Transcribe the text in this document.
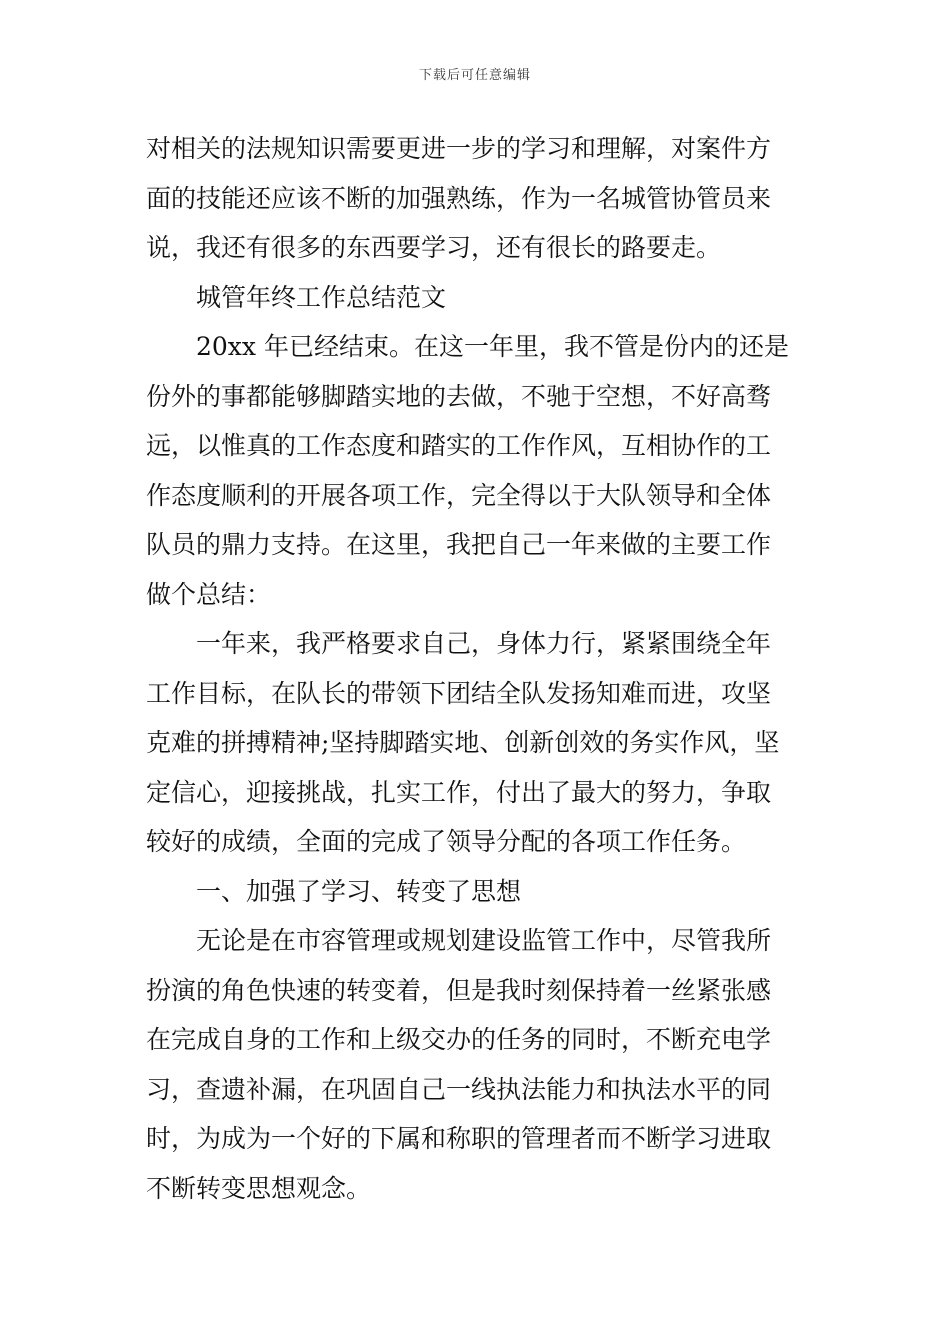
下载后可任意编辑
对相关的法规知识需要更进一步的学习和理解，对案件方
面的技能还应该不断的加强熟练，作为一名城管协管员来
说，我还有很多的东西要学习，还有很长的路要走。
城管年终工作总结范文
20xx 年已经结束。在这一年里，我不管是份内的还是
份外的事都能够脚踏实地的去做，不驰于空想，不好高骛
远，以惟真的工作态度和踏实的工作作风，互相协作的工
作态度顺利的开展各项工作，完全得以于大队领导和全体
队员的鼎力支持。在这里，我把自己一年来做的主要工作
做个总结：
一年来，我严格要求自己，身体力行，紧紧围绕全年
工作目标，在队长的带领下团结全队发扬知难而进，攻坚
克难的拼搏精神;坚持脚踏实地、创新创效的务实作风，坚
定信心，迎接挑战，扎实工作，付出了最大的努力，争取
较好的成绩，全面的完成了领导分配的各项工作任务。
一、加强了学习、转变了思想
无论是在市容管理或规划建设监管工作中，尽管我所
扮演的角色快速的转变着，但是我时刻保持着一丝紧张感
在完成自身的工作和上级交办的任务的同时，不断充电学
习，查遗补漏，在巩固自己一线执法能力和执法水平的同
时，为成为一个好的下属和称职的管理者而不断学习进取
不断转变思想观念。
